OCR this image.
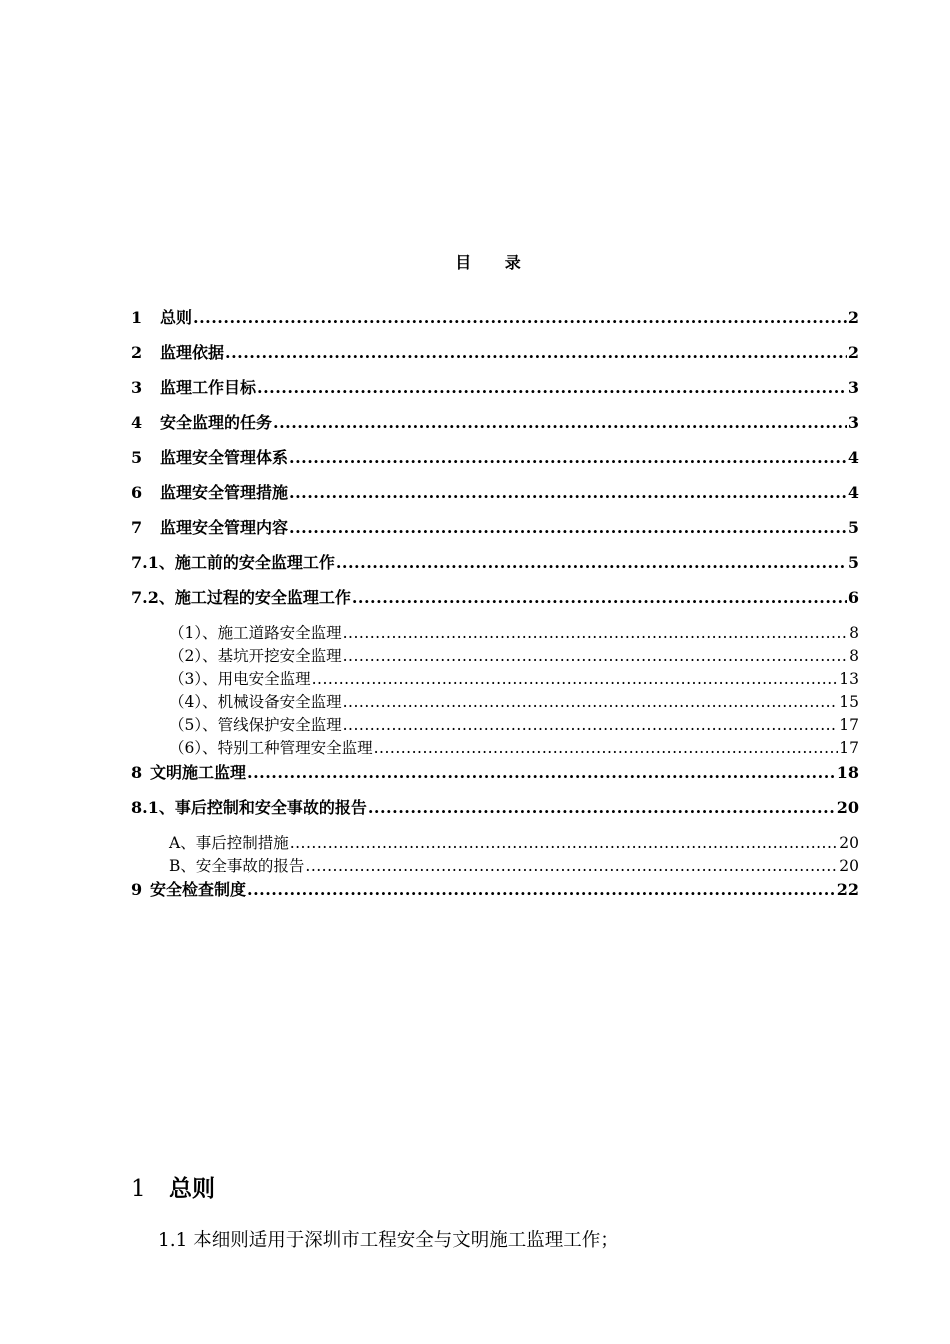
目 录
1	总则 .....	2
2	监理依据 .....	2
3	监理工作目标 .....	3
4	安全监理的任务 .....	3
5	监理安全管理体系 .....	4
6	监理安全管理措施 .....	4
7	监理安全管理内容 .....	5
7.1、施工前的安全监理工作 .....	5
7.2、施工过程的安全监理工作 .....	6
（1）、施工道路安全监理 .....	8
（2）、基坑开挖安全监理 .....	8
（3）、用电安全监理 .....	13
（4）、机械设备安全监理 .....	15
（5）、管线保护安全监理 .....	17
（6）、特别工种管理安全监理 .....	17
8 文明施工监理 .....	18
8.1、事后控制和安全事故的报告 .....	20
A、事后控制措施 .....	20
B、安全事故的报告 .....	20
9 安全检查制度 .....	22
1 总则
1.1 本细则适用于深圳市工程安全与文明施工监理工作；
